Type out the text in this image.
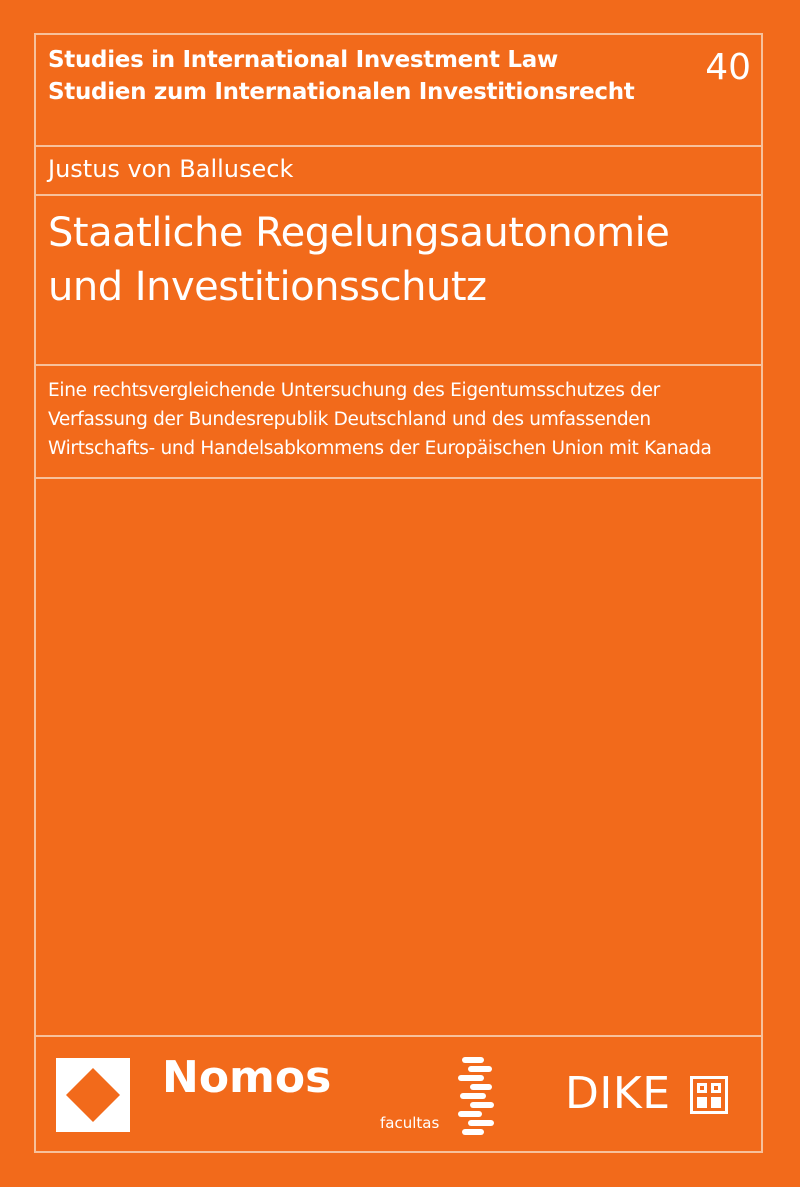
Studies in International Investment Law
Studien zum Internationalen Investitionsrecht
40
Justus von Balluseck
Staatliche Regelungsautonomie
und Investitionsschutz
Eine rechtsvergleichende Untersuchung des Eigentumsschutzes der
Verfassung der Bundesrepublik Deutschland und des umfassenden
Wirtschafts- und Handelsabkommens der Europäischen Union mit Kanada
Nomos
facultas
DIKE
